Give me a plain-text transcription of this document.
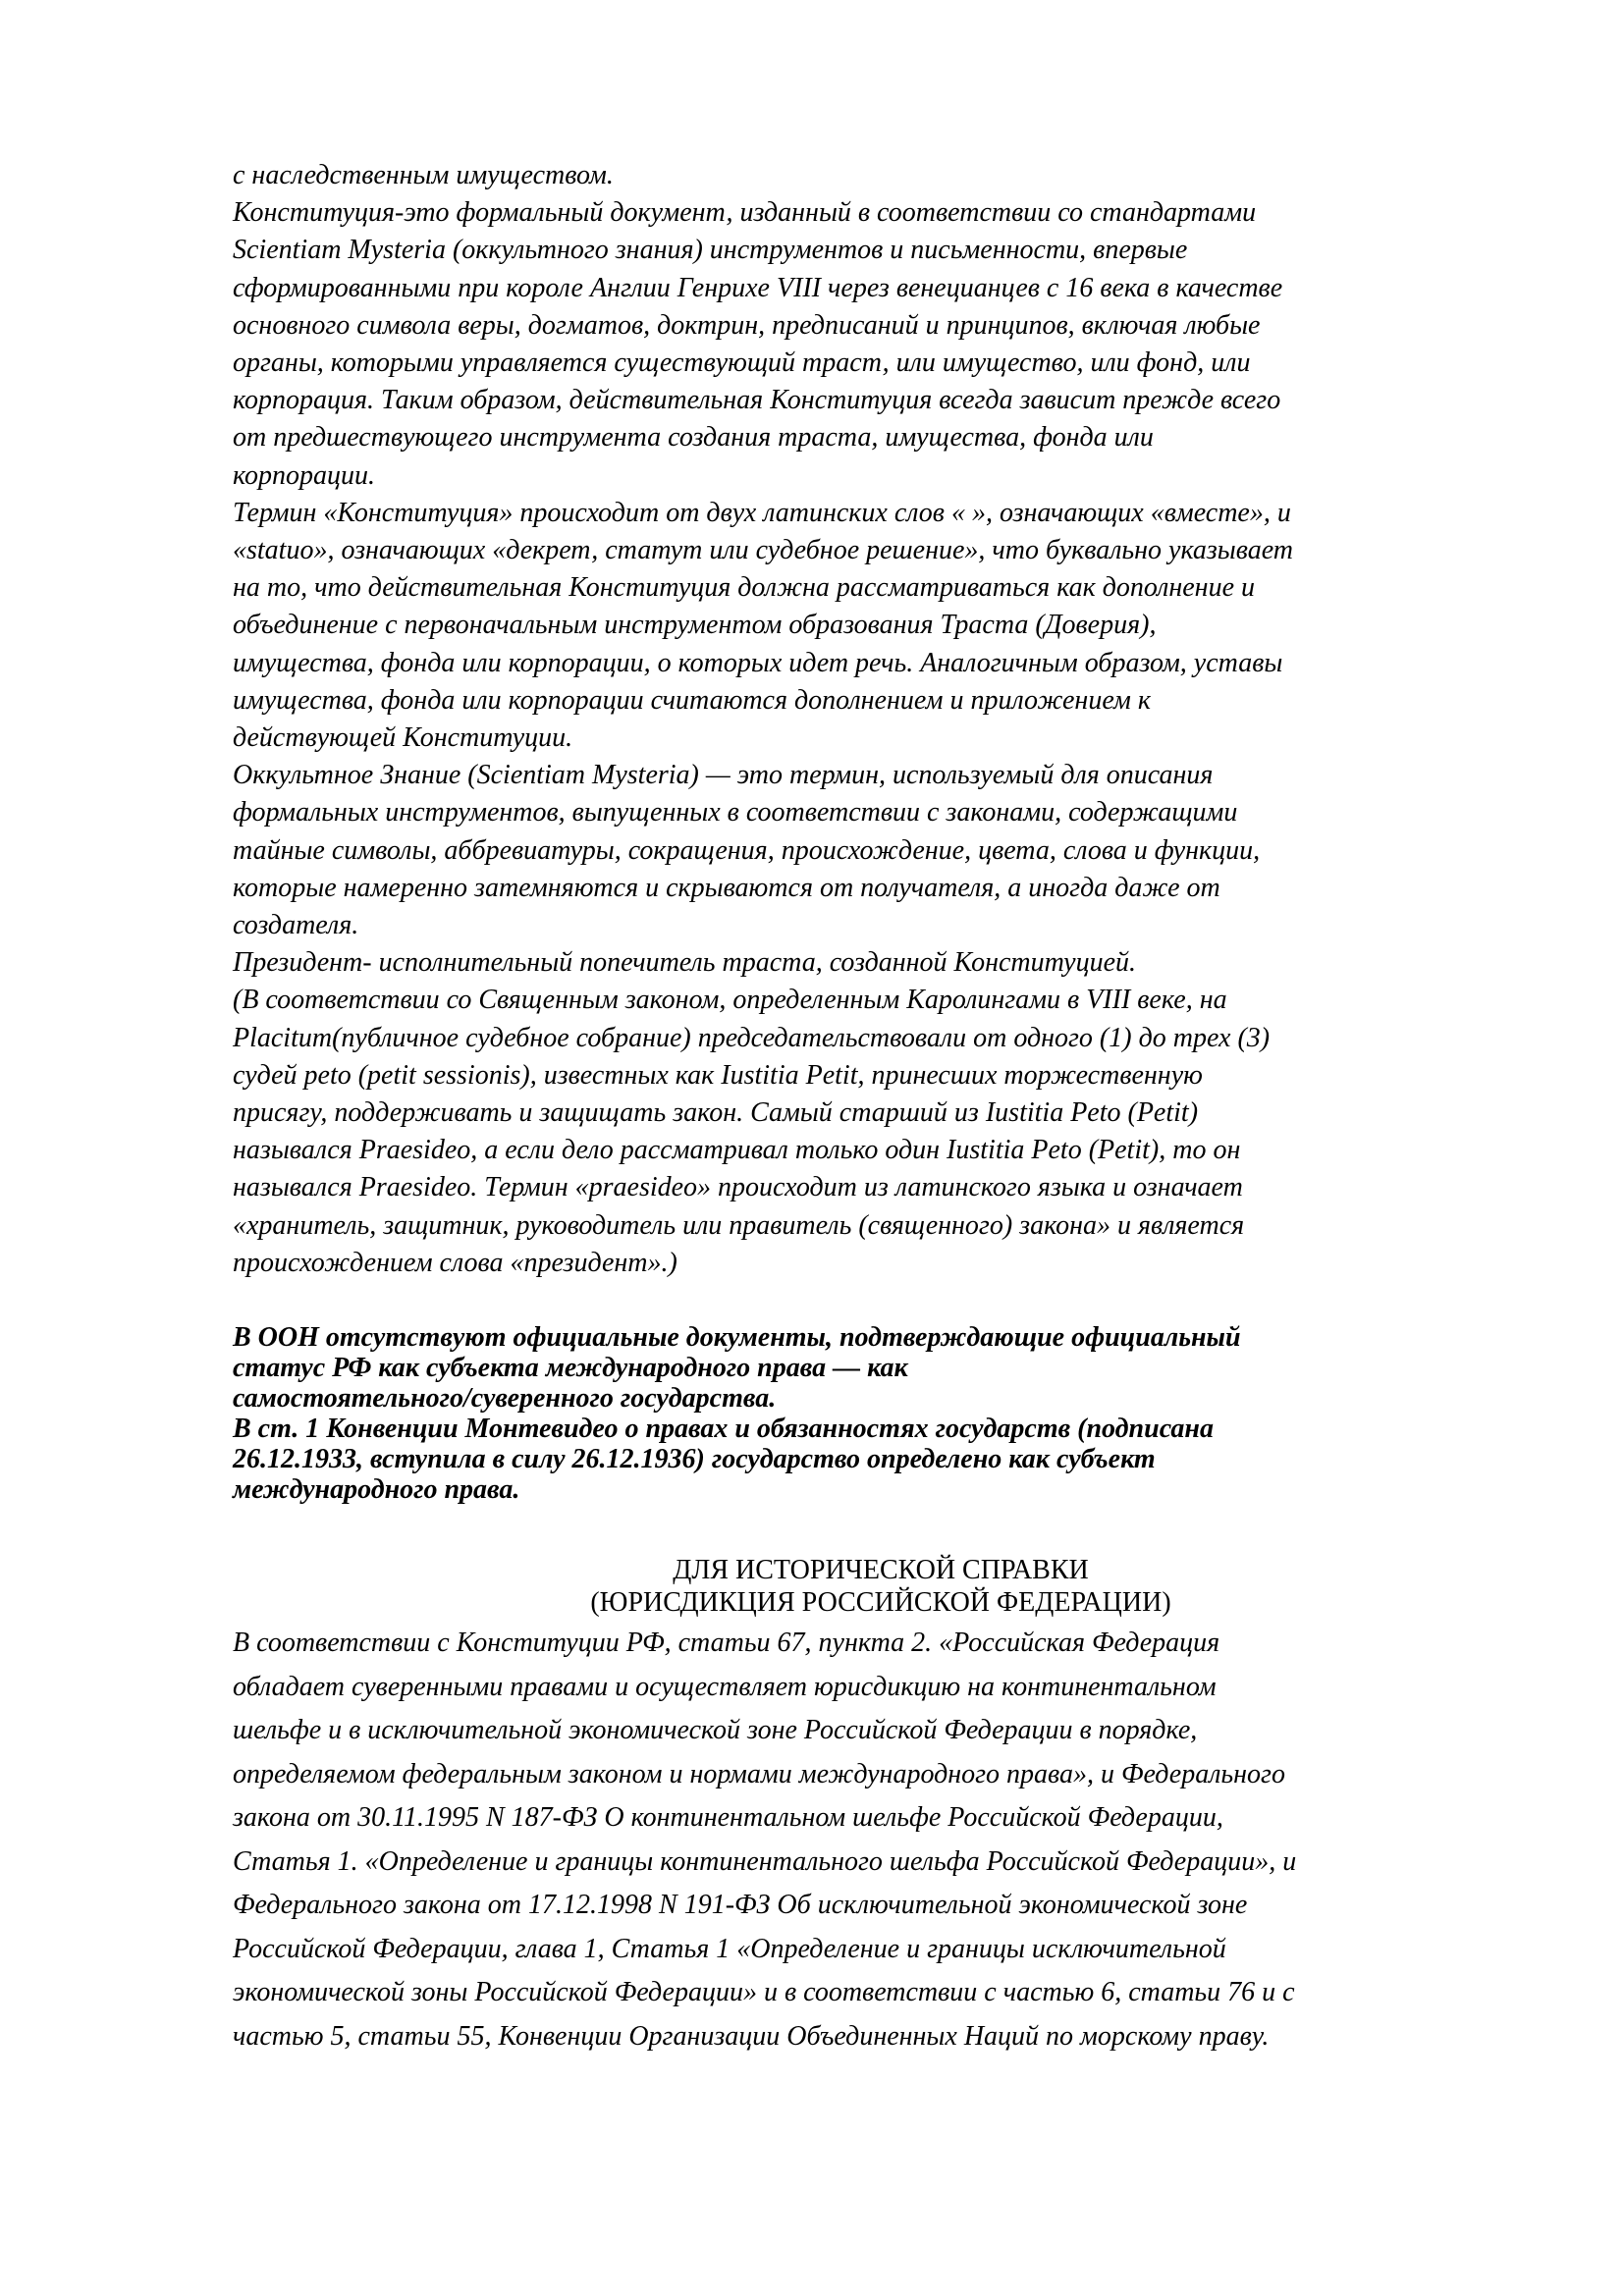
с наследственным имуществом.
Конституция-это формальный документ, изданный в соответствии со стандартами
Scientiam Mysteria (оккультного знания) инструментов и письменности, впервые
сформированными при короле Англии Генрихе VIII через венецианцев с 16 века в качестве
основного символа веры, догматов, доктрин, предписаний и принципов, включая любые
органы, которыми управляется существующий траст, или имущество, или фонд, или
корпорация. Таким образом, действительная Конституция всегда зависит прежде всего
от предшествующего инструмента создания траста, имущества, фонда или
корпорации.
Термин «Конституция» происходит от двух латинских слов « », означающих «вместе», и
«statuo», означающих «декрет, статут или судебное решение», что буквально указывает
на то, что действительная Конституция должна рассматриваться как дополнение и
объединение с первоначальным инструментом образования Траста (Доверия),
имущества, фонда или корпорации, о которых идет речь. Аналогичным образом, уставы
имущества, фонда или корпорации считаются дополнением и приложением к
действующей Конституции.
Оккультное Знание (Scientiam Mysteria) — это термин, используемый для описания
формальных инструментов, выпущенных в соответствии с законами, содержащими
тайные символы, аббревиатуры, сокращения, происхождение, цвета, слова и функции,
которые намеренно затемняются и скрываются от получателя, а иногда даже от
создателя.
Президент- исполнительный попечитель траста, созданной Конституцией.
(В соответствии со Священным законом, определенным Каролингами в VIII веке, на
Placitum(публичное судебное собрание) председательствовали от одного (1) до трех (3)
судей peto (petit sessionis), известных как Iustitia Petit, принесших торжественную
присягу, поддерживать и защищать закон. Самый старший из Iustitia Peto (Petit)
назывался Praesideo, а если дело рассматривал только один Iustitia Peto (Petit), то он
назывался Praesideo. Термин «praesideo» происходит из латинского языка и означает
«хранитель, защитник, руководитель или правитель (священного) закона» и является
происхождением слова «президент».)
В ООН отсутствуют официальные документы, подтверждающие официальный
статус РФ как субъекта международного права — как
самостоятельного/суверенного государства.
В ст. 1 Конвенции Монтевидео о правах и обязанностях государств (подписана
26.12.1933, вступила в силу 26.12.1936) государство определено как субъект
международного права.
ДЛЯ ИСТОРИЧЕСКОЙ СПРАВКИ
(ЮРИСДИКЦИЯ РОССИЙСКОЙ ФЕДЕРАЦИИ)
В соответствии с Конституции РФ, статьи 67, пункта 2. «Российская Федерация
обладает суверенными правами и осуществляет юрисдикцию на континентальном
шельфе и в исключительной экономической зоне Российской Федерации в порядке,
определяемом федеральным законом и нормами международного права», и Федерального
закона от 30.11.1995 N 187-ФЗ О континентальном шельфе Российской Федерации,
Статья 1. «Определение и границы континентального шельфа Российской Федерации», и
Федерального закона от 17.12.1998 N 191-ФЗ Об исключительной экономической зоне
Российской Федерации, глава 1, Статья 1 «Определение и границы исключительной
экономической зоны Российской Федерации» и в соответствии с частью 6, статьи 76 и с
частью 5, статьи 55, Конвенции Организации Объединенных Наций по морскому праву.
